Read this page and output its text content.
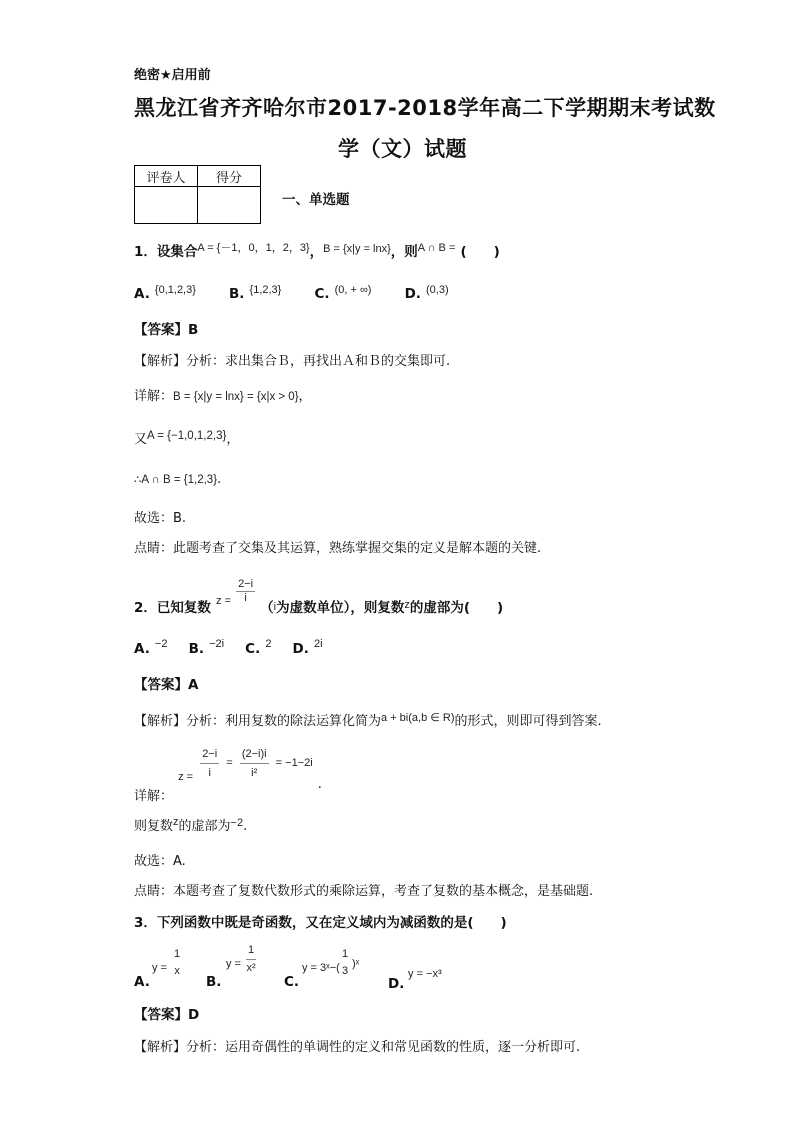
绝密★启用前
黑龙江省齐齐哈尔市2017-2018学年高二下学期期末考试数
学（文）试题
评卷人	得分

一、单选题
1．设集合$^{A = \{-1,0,1,2,3\}}$，$^{B = \{x|y = lnx\}}$，则$^{A \cap B =}$ (　　)
A. $^{\{0,1,2,3\}}$ B. $^{\{1,2,3\}}$ C. $^{(0, + \infty)}$ D. $^{(0,3)}$
【答案】B
【解析】分析：求出集合Ｂ，再找出Ａ和Ｂ的交集即可.
详解：B = {x|y = lnx} = {x|x > 0}，
又$^{A = \{-1,0,1,2,3\}}$，
∴A ∩ B = {1,2,3}.
故选：B.
点睛：此题考查了交集及其运算，熟练掌握交集的定义是解本题的关键.
$_{2.已知复数}$ $_{z =} \frac{2-i}{i}$
$_{(i为虚数单位),则复数z的虚部为( )}$
A. $^{-2}$ B. $^{-2i}$ C. $^2$ D. $^{2i}$
【答案】A
【解析】分析：利用复数的除法运算化简为$^{a + bi(a,b \in R)}$的形式，则即可得到答案.
$_{详解:}$ $_{z =} \frac{2-i}{i} = \frac{(2-i)i}{\text{i²}} = -1-2i$ $_.$
则复数$^z$的虚部为$^{-2}$.
故选：A.
点睛：本题考查了复数代数形式的乘除运算，考查了复数的基本概念，是基础题.
3．下列函数中既是奇函数，又在定义域内为减函数的是(　　)
A.
y =
1
x
B.
$y = \frac{1}{\text{x²}}$
C.
y = 3ˣ−(
1
3
)ˣ
D.
y = −x³
【答案】D
【解析】分析：运用奇偶性的单调性的定义和常见函数的性质，逐一分析即可.
